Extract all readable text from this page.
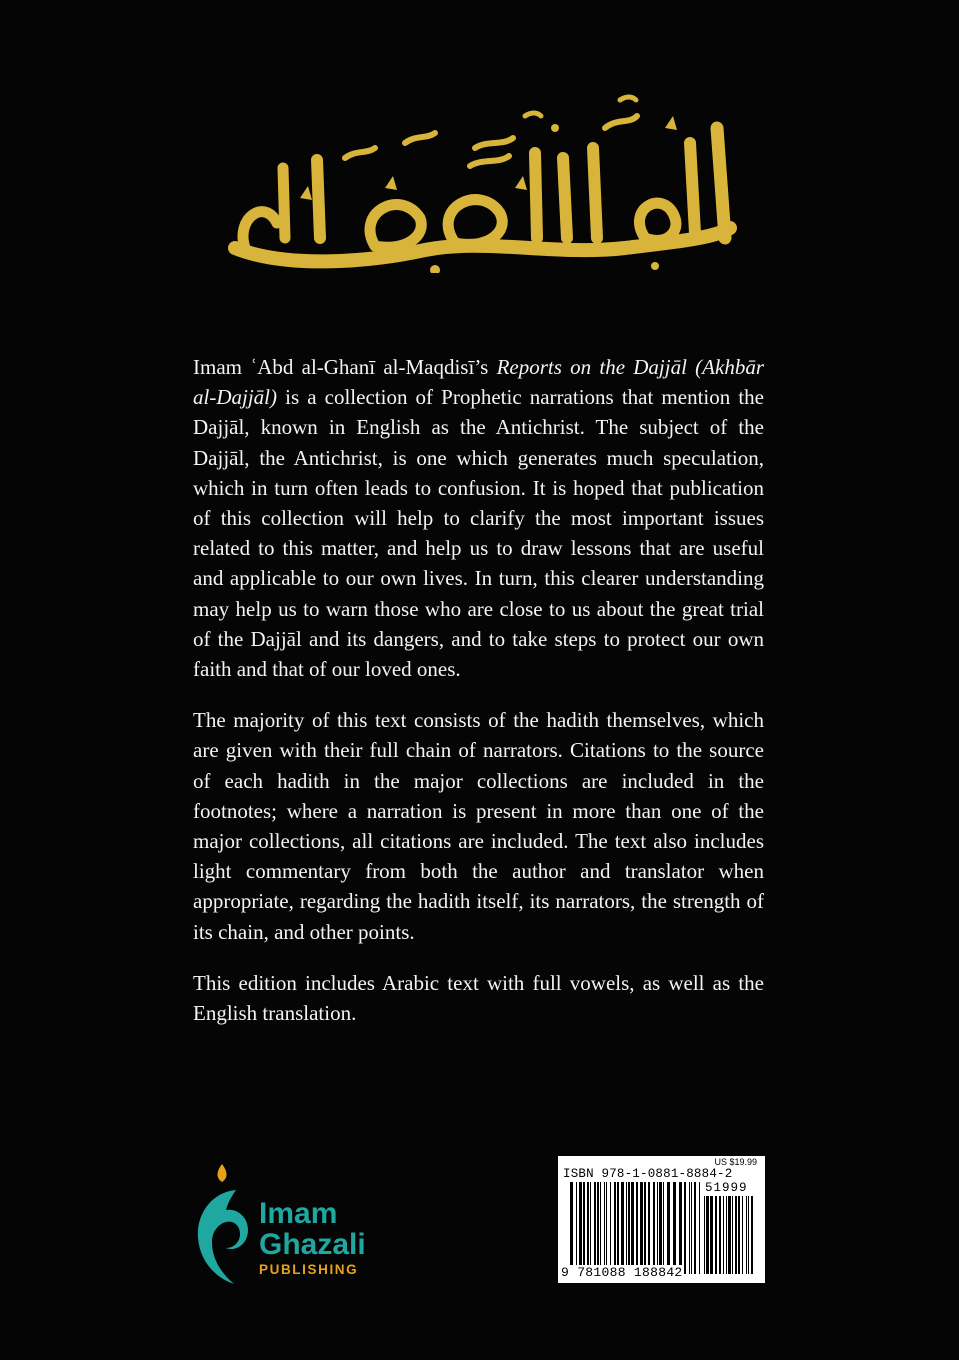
Imam ʿAbd al-Ghanī al-Maqdisī’s Reports on the Dajjāl (Akhbār al-Dajjāl) is a collection of Prophetic narrations that mention the Dajjāl, known in English as the Antichrist. The subject of the Dajjāl, the Antichrist, is one which generates much speculation, which in turn often leads to confusion. It is hoped that publication of this collection will help to clarify the most important issues related to this matter, and help us to draw lessons that are useful and applicable to our own lives. In turn, this clearer understanding may help us to warn those who are close to us about the great trial of the Dajjāl and its dangers, and to take steps to protect our own faith and that of our loved ones.

The majority of this text consists of the hadith themselves, which are given with their full chain of narrators. Citations to the source of each hadith in the major collections are included in the footnotes; where a narration is present in more than one of the major collections, all citations are included. The text also includes light commentary from both the author and translator when appropriate, regarding the hadith itself, its narrators, the strength of its chain, and other points.

This edition includes Arabic text with full vowels, as well as the English translation.

Imam
Ghazali
PUBLISHING
US $19.99
ISBN 978-1-0881-8884-2
51999
9 781088 188842
